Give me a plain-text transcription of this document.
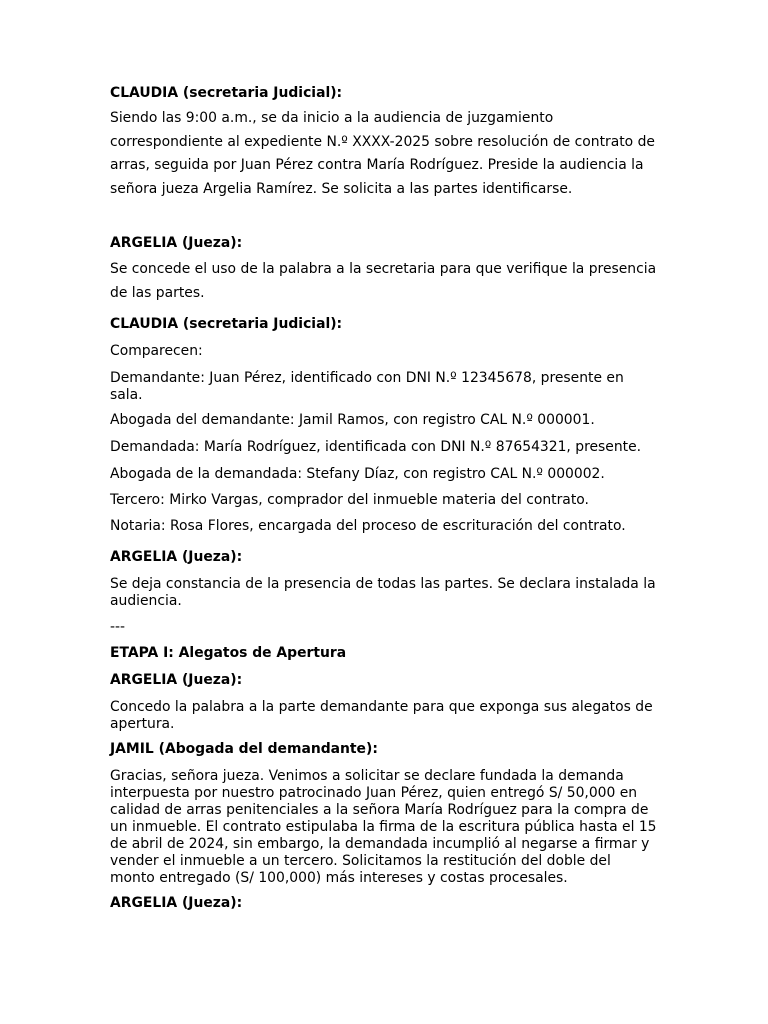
CLAUDIA (secretaria Judicial):

Siendo las 9:00 a.m., se da inicio a la audiencia de juzgamiento correspondiente al expediente N.º XXXX-2025 sobre resolución de contrato de arras, seguida por Juan Pérez contra María Rodríguez. Preside la audiencia la señora jueza Argelia Ramírez. Se solicita a las partes identificarse.

ARGELIA (Jueza):

Se concede el uso de la palabra a la secretaria para que verifique la presencia de las partes.

CLAUDIA (secretaria Judicial):

Comparecen:

Demandante: Juan Pérez, identificado con DNI N.º 12345678, presente en sala.

Abogada del demandante: Jamil Ramos, con registro CAL N.º 000001.

Demandada: María Rodríguez, identificada con DNI N.º 87654321, presente.

Abogada de la demandada: Stefany Díaz, con registro CAL N.º 000002.

Tercero: Mirko Vargas, comprador del inmueble materia del contrato.

Notaria: Rosa Flores, encargada del proceso de escrituración del contrato.

ARGELIA (Jueza):

Se deja constancia de la presencia de todas las partes. Se declara instalada la audiencia.

---

ETAPA I: Alegatos de Apertura

ARGELIA (Jueza):

Concedo la palabra a la parte demandante para que exponga sus alegatos de apertura.

JAMIL (Abogada del demandante):

Gracias, señora jueza. Venimos a solicitar se declare fundada la demanda interpuesta por nuestro patrocinado Juan Pérez, quien entregó S/ 50,000 en calidad de arras penitenciales a la señora María Rodríguez para la compra de un inmueble. El contrato estipulaba la firma de la escritura pública hasta el 15 de abril de 2024, sin embargo, la demandada incumplió al negarse a firmar y vender el inmueble a un tercero. Solicitamos la restitución del doble del monto entregado (S/ 100,000) más intereses y costas procesales.

ARGELIA (Jueza):
